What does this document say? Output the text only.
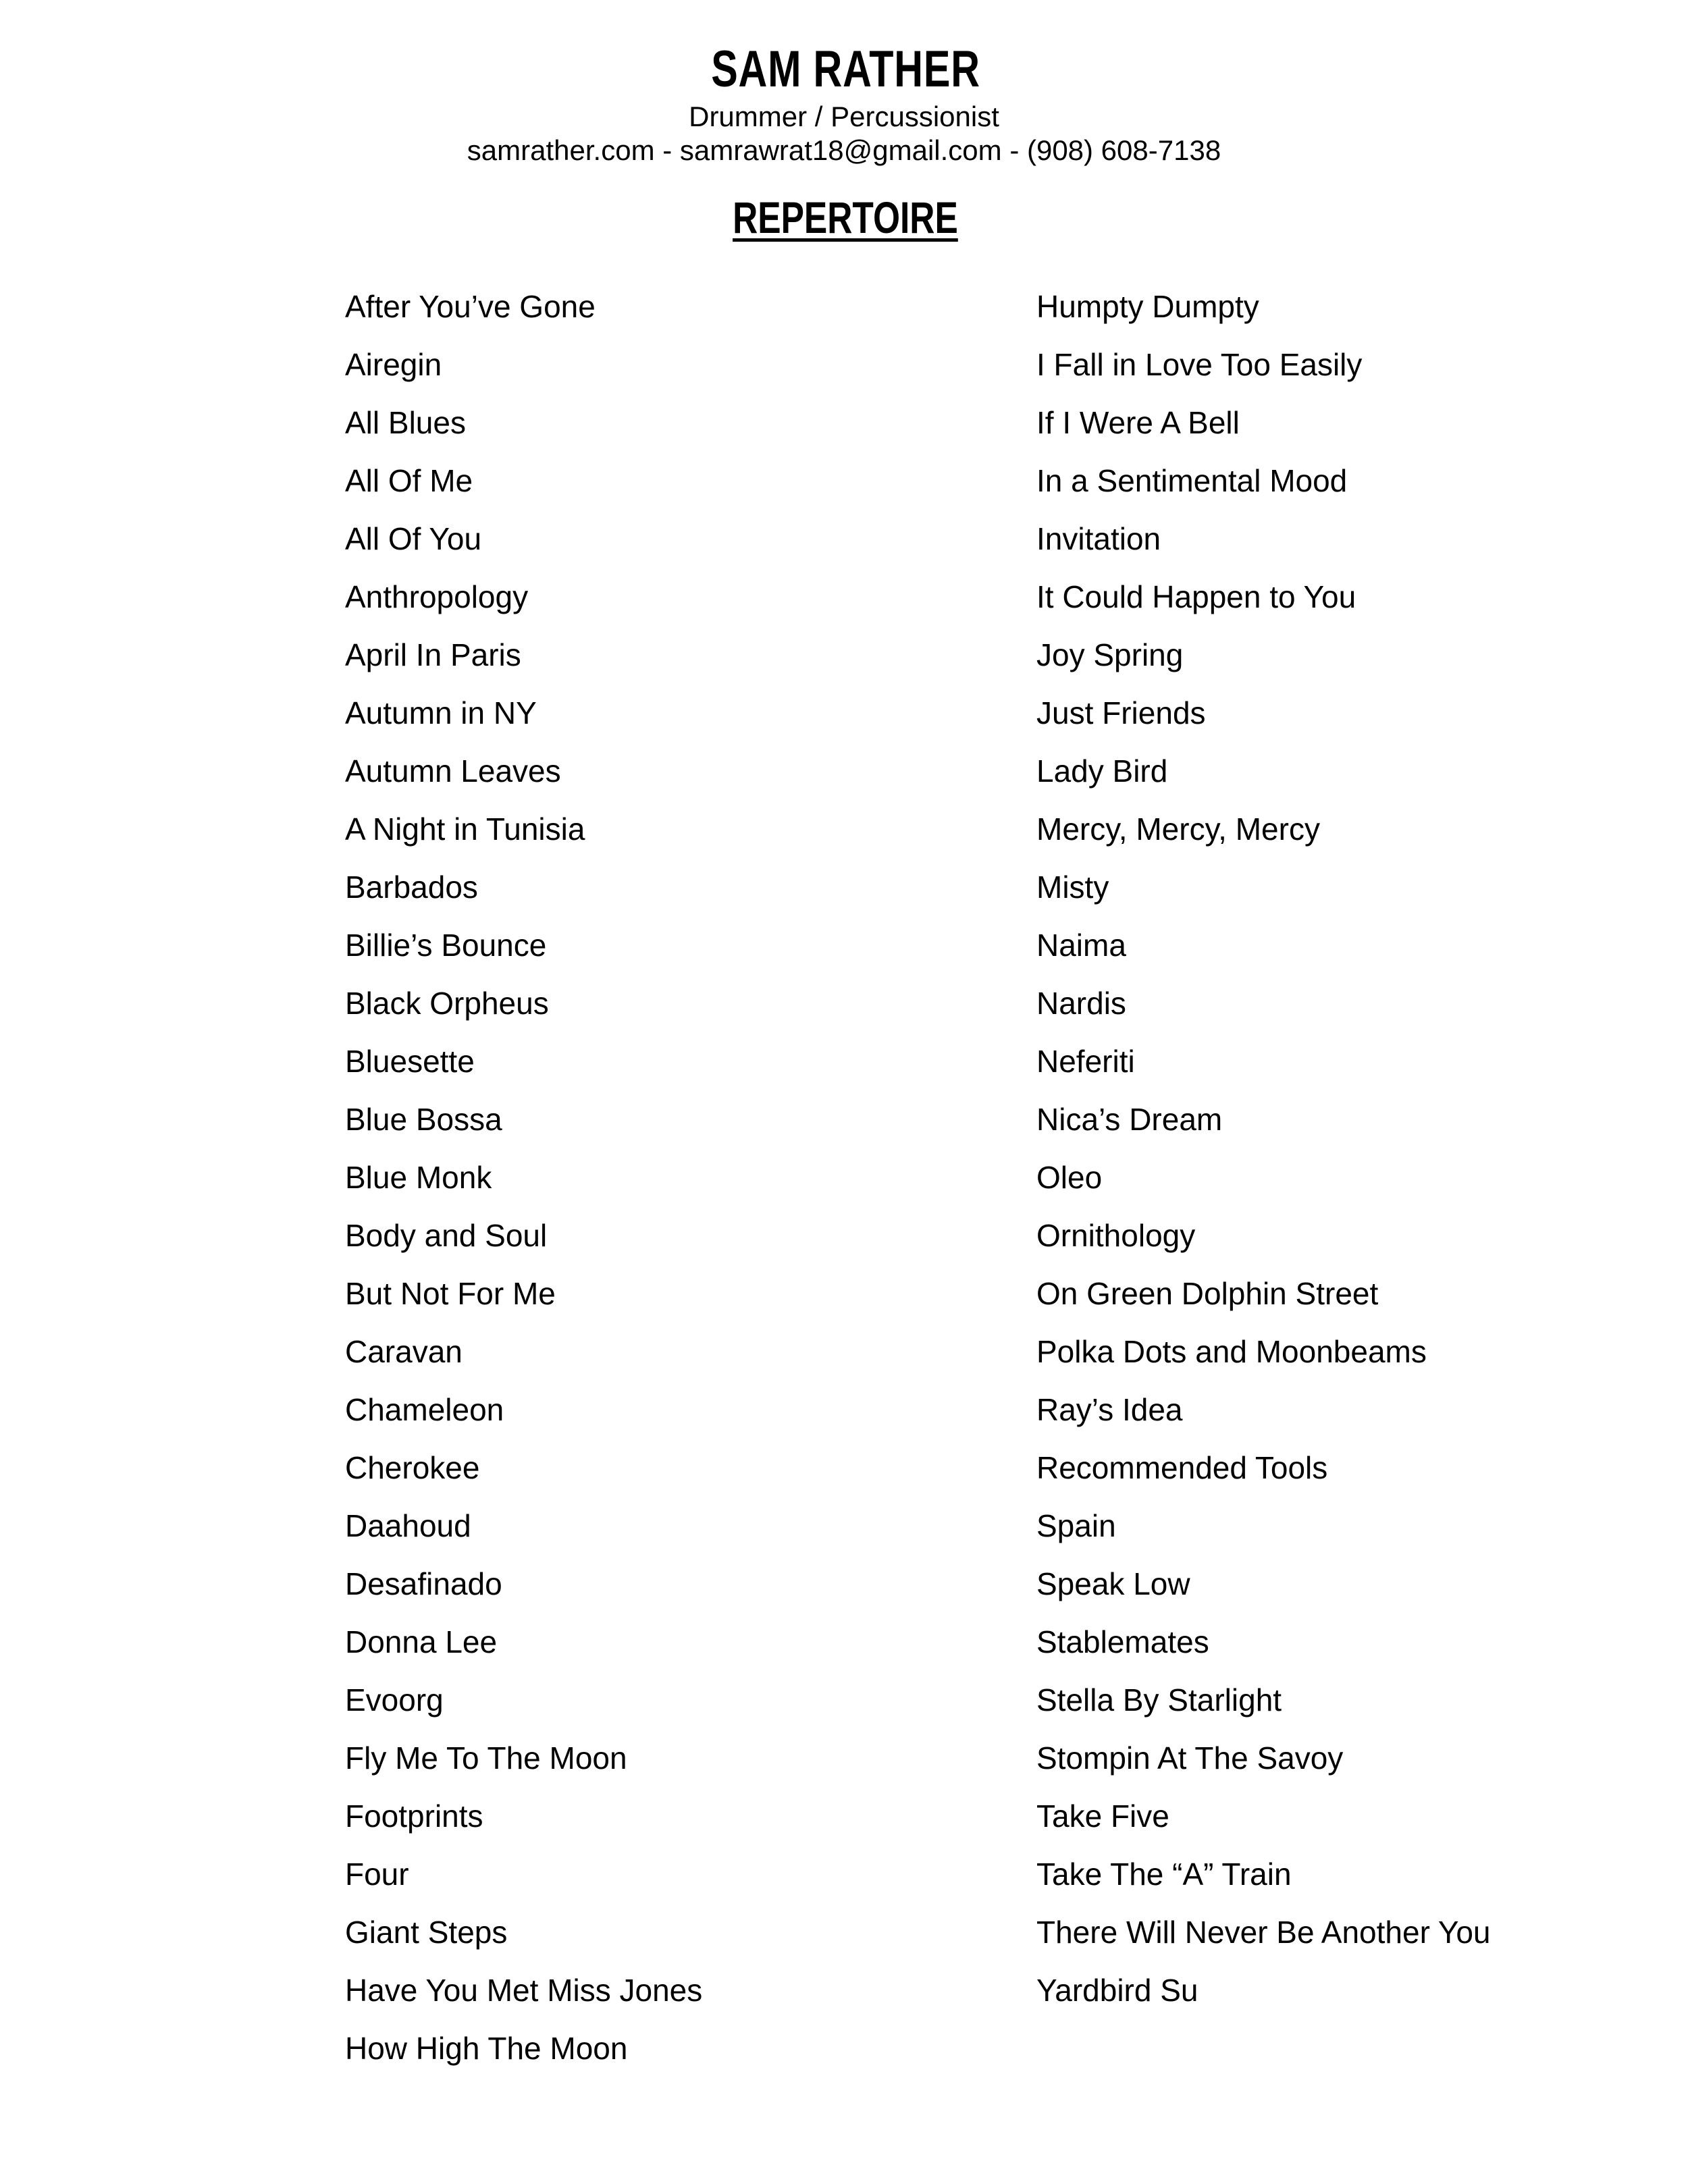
SAM RATHER
Drummer / Percussionist
samrather.com - samrawrat18@gmail.com - (908) 608-7138
REPERTOIRE
After You’ve Gone
Airegin
All Blues
All Of Me
All Of You
Anthropology
April In Paris
Autumn in NY
Autumn Leaves
A Night in Tunisia
Barbados
Billie’s Bounce
Black Orpheus
Bluesette
Blue Bossa
Blue Monk
Body and Soul
But Not For Me
Caravan
Chameleon
Cherokee
Daahoud
Desafinado
Donna Lee
Evoorg
Fly Me To The Moon
Footprints
Four
Giant Steps
Have You Met Miss Jones
How High The Moon
Humpty Dumpty
I Fall in Love Too Easily
If I Were A Bell
In a Sentimental Mood
Invitation
It Could Happen to You
Joy Spring
Just Friends
Lady Bird
Mercy, Mercy, Mercy
Misty
Naima
Nardis
Neferiti
Nica’s Dream
Oleo
Ornithology
On Green Dolphin Street
Polka Dots and Moonbeams
Ray’s Idea
Recommended Tools
Spain
Speak Low
Stablemates
Stella By Starlight
Stompin At The Savoy
Take Five
Take The “A” Train
There Will Never Be Another You
Yardbird Su
